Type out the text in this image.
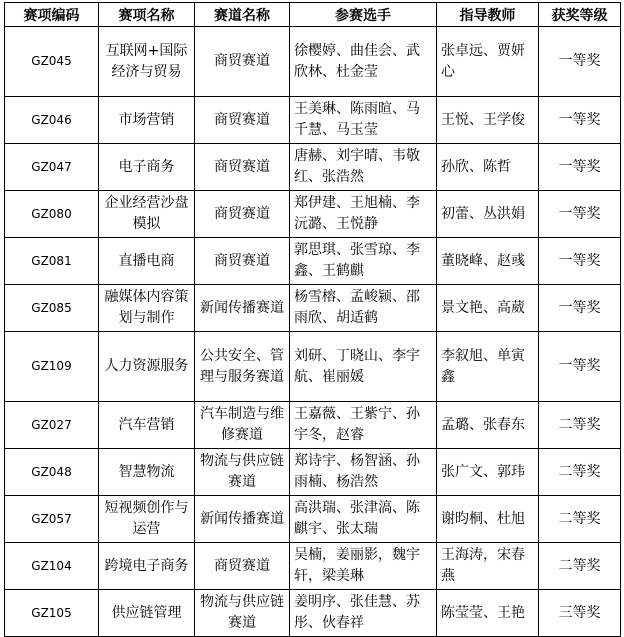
赛项编码	赛项名称	赛道名称	参赛选手	指导教师	获奖等级
GZ045	互联网+国际经济与贸易	商贸赛道	徐樱婷、曲佳会、武欣林、杜金莹	张卓远、贾妍心	一等奖
GZ046	市场营销	商贸赛道	王美琳、陈雨暄、马千慧、马玉莹	王悦、王学俊	一等奖
GZ047	电子商务	商贸赛道	唐赫、刘宇晴、韦敬红、张浩然	孙欣、陈哲	一等奖
GZ080	企业经营沙盘模拟	商贸赛道	郑伊建、王旭楠、李沅潞、王悦静	初蕾、丛洪娟	一等奖
GZ081	直播电商	商贸赛道	郭思琪、张雪琼、李鑫、王鹤麒	董晓峰、赵彧	一等奖
GZ085	融媒体内容策划与制作	新闻传播赛道	杨雪榕、孟峻颍、邵雨欣、胡适鹤	景文艳、高葳	一等奖
GZ109	人力资源服务	公共安全、管理与服务赛道	刘研、丁晓山、李宇航、崔丽媛	李叙旭、单寅鑫	一等奖
GZ027	汽车营销	汽车制造与维修赛道	王嘉薇、王紫宁、孙宇冬，赵睿	孟璐、张春东	二等奖
GZ048	智慧物流	物流与供应链赛道	郑诗宇、杨智涵、孙雨楠、杨浩然	张广文、郭玮	二等奖
GZ057	短视频创作与运营	新闻传播赛道	高洪瑞、张津滈、陈麒宇、张太瑞	谢昀桐、杜旭	二等奖
GZ104	跨境电子商务	商贸赛道	吴楠，姜丽影，魏宇轩，梁美琳	王海涛，宋春燕	二等奖
GZ105	供应链管理	物流与供应链赛道	姜明序、张佳慧、苏彤、伙春祥	陈莹莹、王艳	三等奖
